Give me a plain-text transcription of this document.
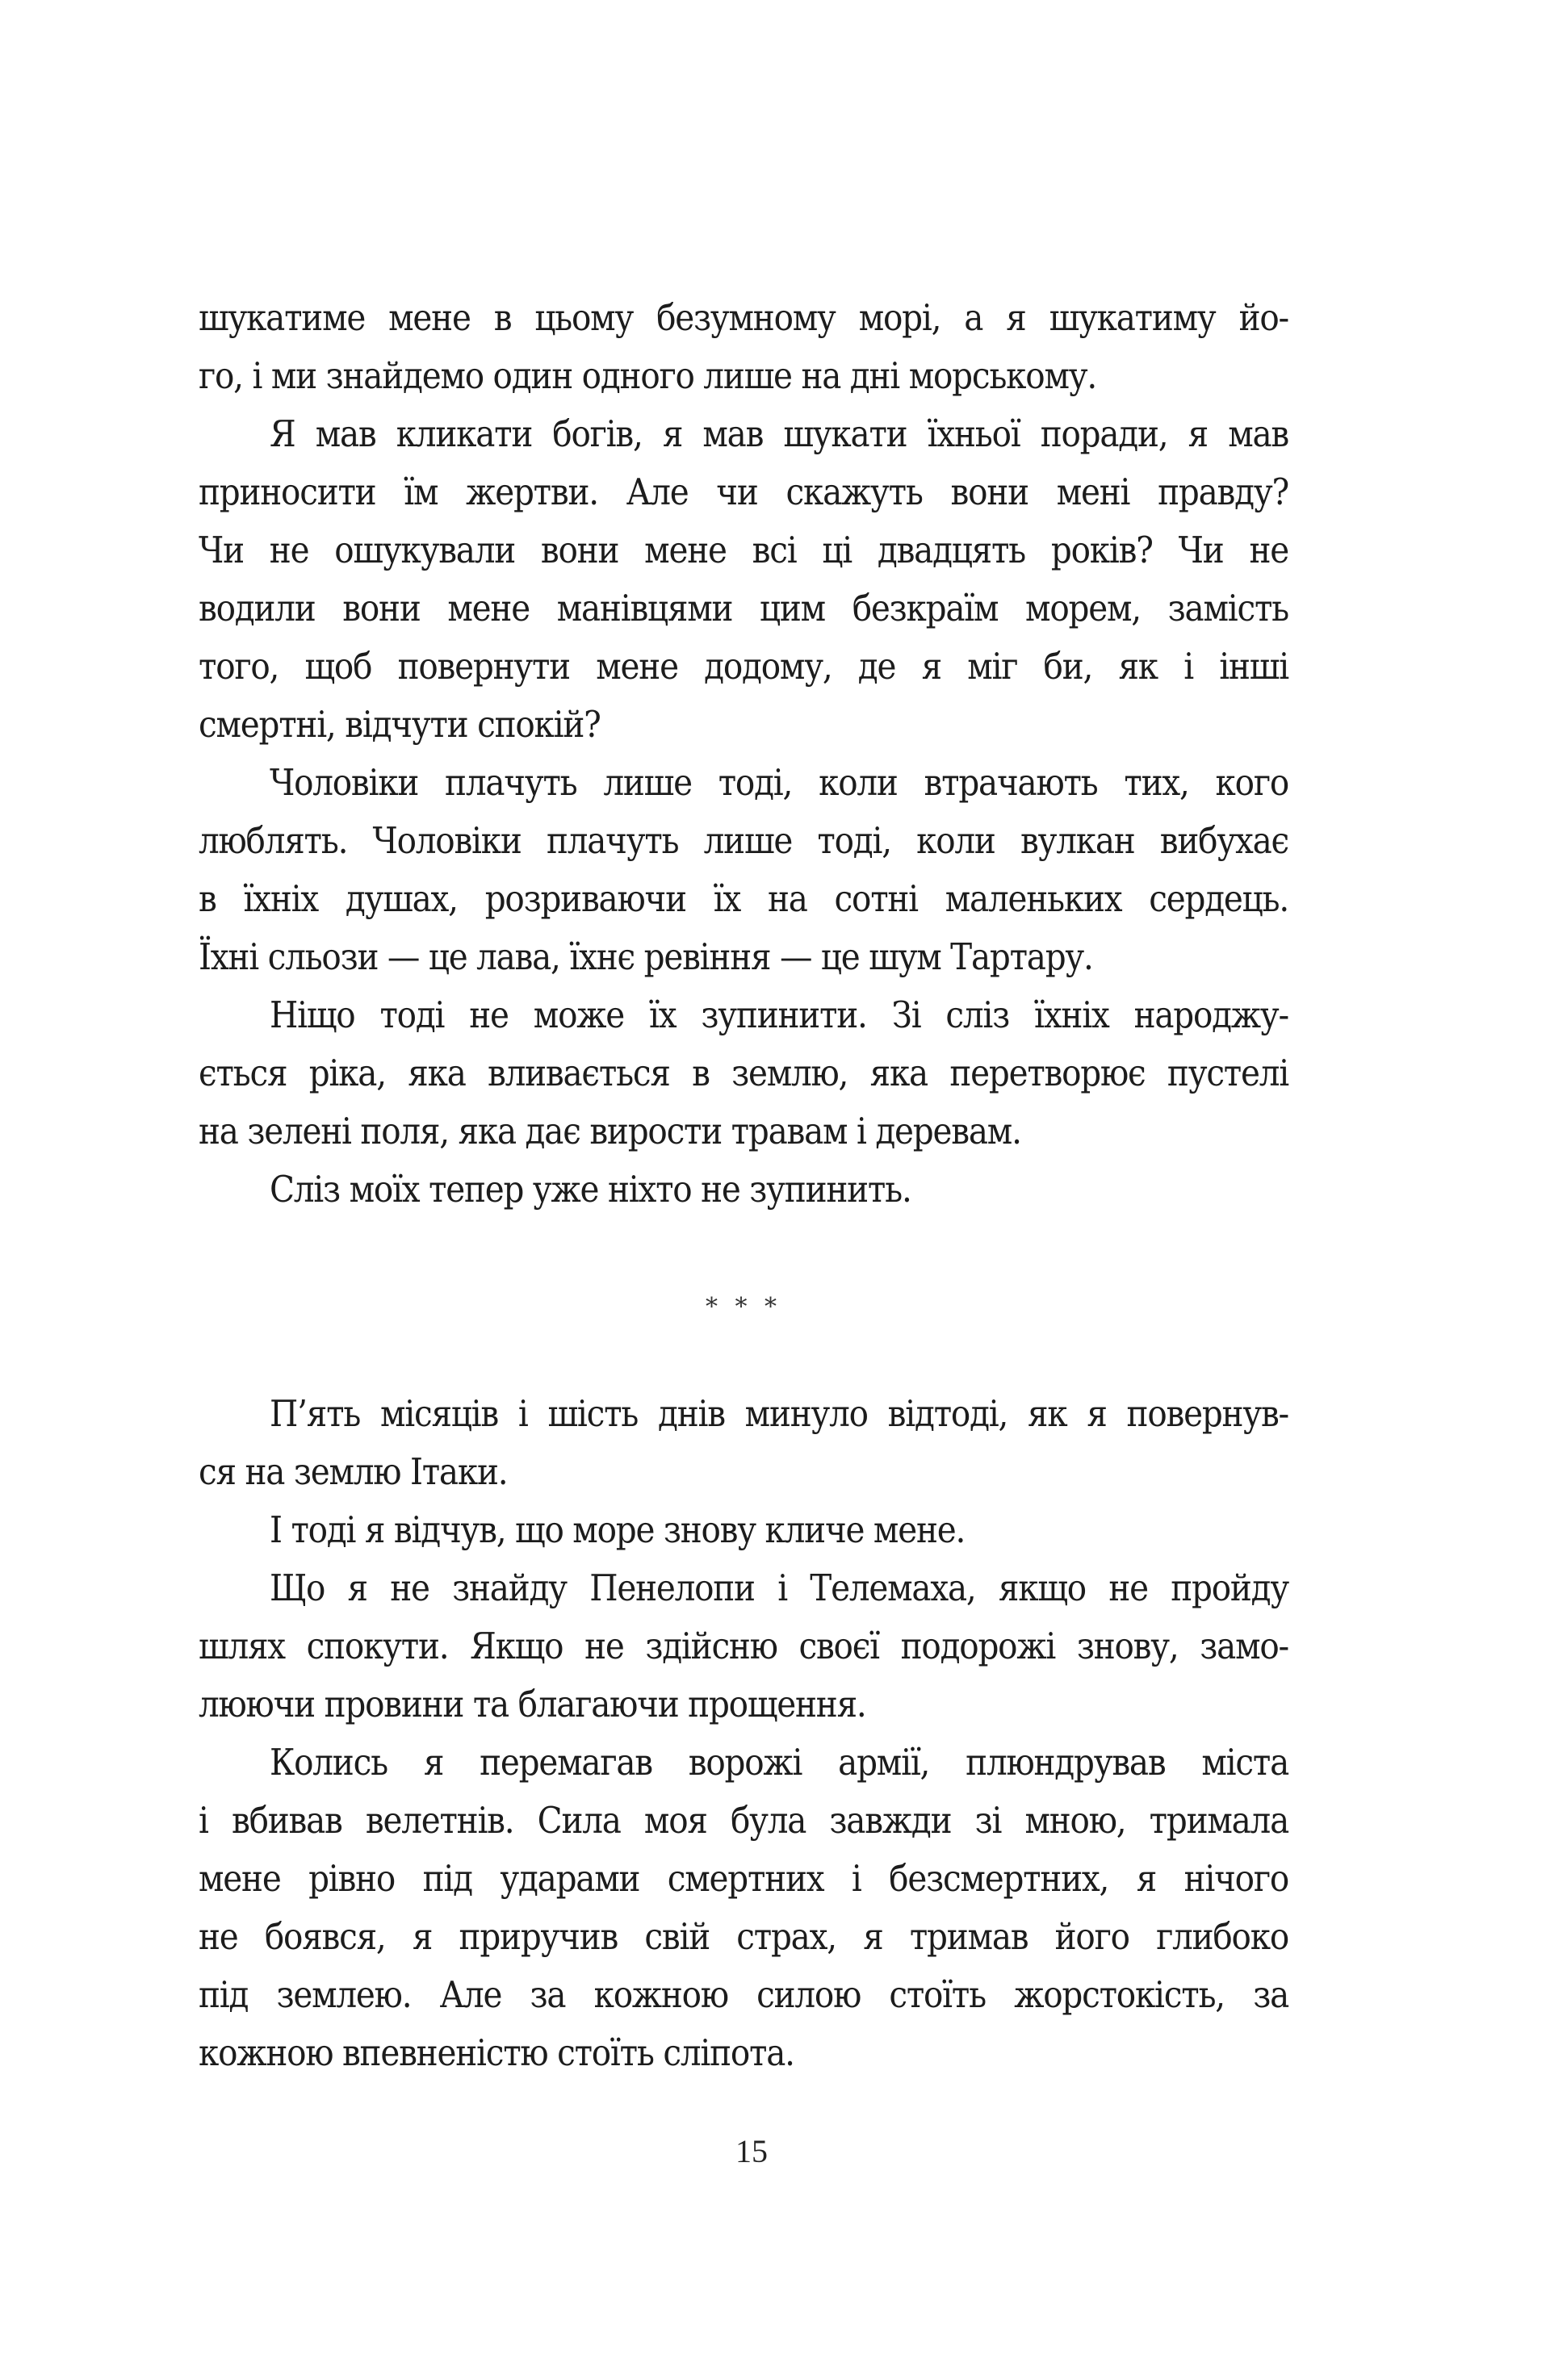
шукатиме мене в цьому безумному морі, а я шукатиму йо-
го, і ми знайдемо один одного лише на дні морському.
Я мав кликати богів, я мав шукати їхньої поради, я мав
приносити їм жертви. Але чи скажуть вони мені правду?
Чи не ошукували вони мене всі ці двадцять років? Чи не
водили вони мене манівцями цим безкраїм морем, замість
того, щоб повернути мене додому, де я міг би, як і інші
смертні, відчути спокій?
Чоловіки плачуть лише тоді, коли втрачають тих, кого
люблять. Чоловіки плачуть лише тоді, коли вулкан вибухає
в їхніх душах, розриваючи їх на сотні маленьких сердець.
Їхні сльози — це лава, їхнє ревіння — це шум Тартару.
Ніщо тоді не може їх зупинити. Зі сліз їхніх народжу-
ється ріка, яка вливається в землю, яка перетворює пустелі
на зелені поля, яка дає вирости травам і деревам.
Сліз моїх тепер уже ніхто не зупинить.
* * *
П’ять місяців і шість днів минуло відтоді, як я повернув-
ся на землю Ітаки.
І тоді я відчув, що море знову кличе мене.
Що я не знайду Пенелопи і Телемаха, якщо не пройду
шлях спокути. Якщо не здійсню своєї подорожі знову, замо-
люючи провини та благаючи прощення.
Колись я перемагав ворожі армії, плюндрував міста
і вбивав велетнів. Сила моя була завжди зі мною, тримала
мене рівно під ударами смертних і безсмертних, я нічого
не боявся, я приручив свій страх, я тримав його глибоко
під землею. Але за кожною силою стоїть жорстокість, за
кожною впевненістю стоїть сліпота.
15
